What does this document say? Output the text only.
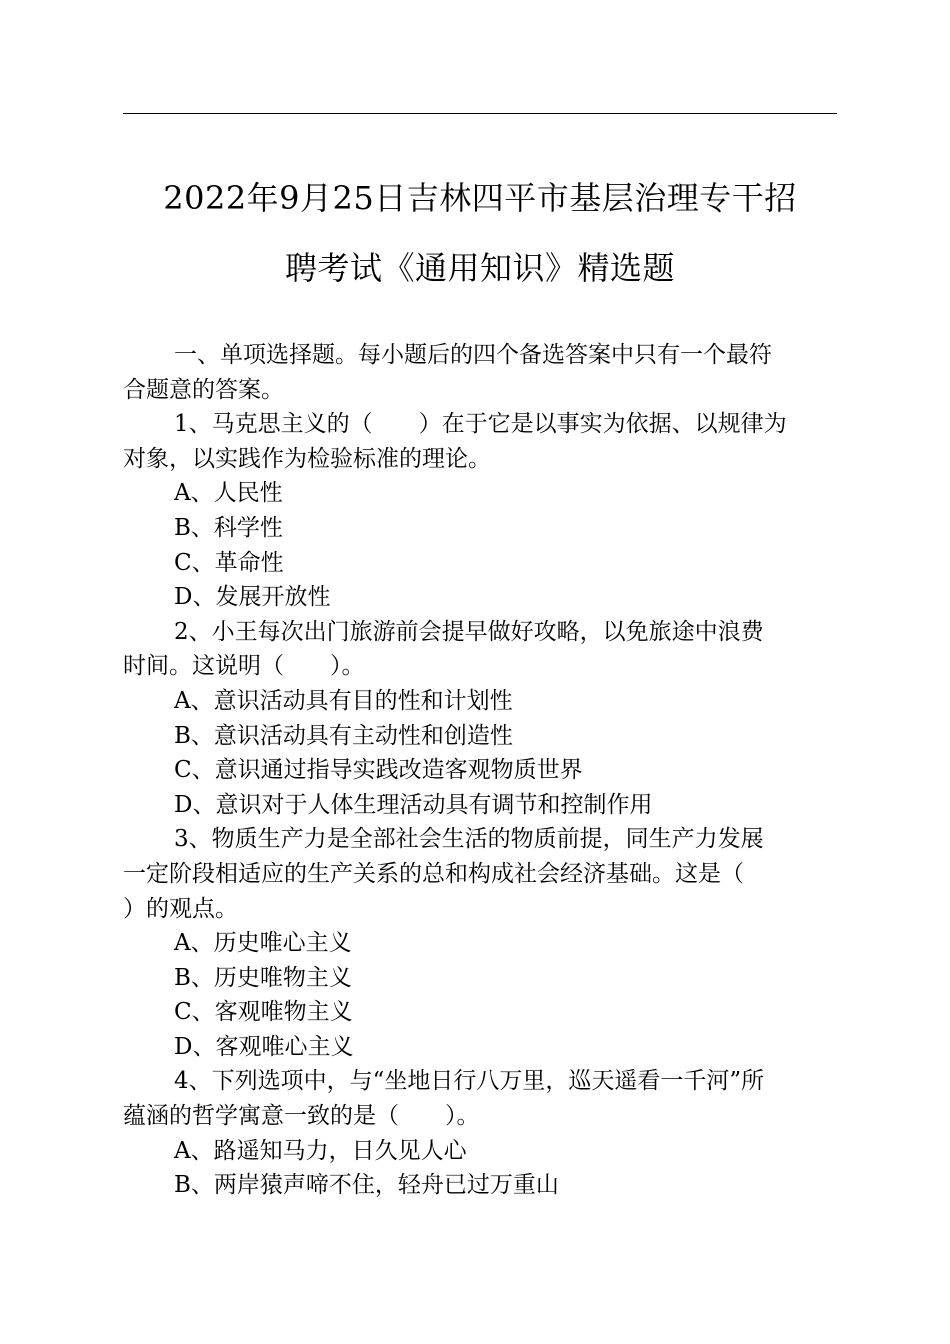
2022年9月25日吉林四平市基层治理专干招
聘考试《通用知识》精选题
一、单项选择题。每小题后的四个备选答案中只有一个最符
合题意的答案。
1、马克思主义的（　　）在于它是以事实为依据、以规律为
对象，以实践作为检验标准的理论。
A、人民性
B、科学性
C、革命性
D、发展开放性
2、小王每次出门旅游前会提早做好攻略，以免旅途中浪费
时间。这说明（　　）。
A、意识活动具有目的性和计划性
B、意识活动具有主动性和创造性
C、意识通过指导实践改造客观物质世界
D、意识对于人体生理活动具有调节和控制作用
3、物质生产力是全部社会生活的物质前提，同生产力发展
一定阶段相适应的生产关系的总和构成社会经济基础。这是（
）的观点。
A、历史唯心主义
B、历史唯物主义
C、客观唯物主义
D、客观唯心主义
4、下列选项中，与“坐地日行八万里，巡天遥看一千河”所
蕴涵的哲学寓意一致的是（　　）。
A、路遥知马力，日久见人心
B、两岸猿声啼不住，轻舟已过万重山
